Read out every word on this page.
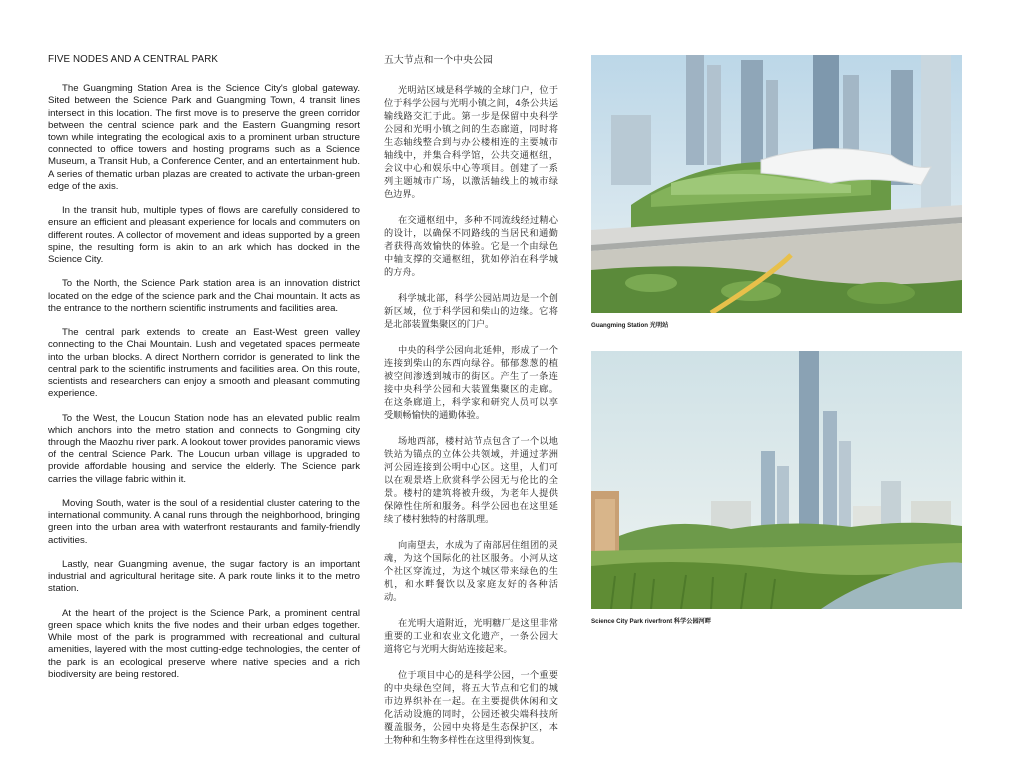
FIVE NODES AND A CENTRAL PARK

The Guangming Station Area is the Science City's global gateway. Sited between the Science Park and Guangming Town, 4 transit lines intersect in this location. The first move is to preserve the green corridor between the central science park and the Eastern Guangming resort town while integrating the ecological axis to a prominent urban structure connected to office towers and hosting programs such as a Science Museum, a Transit Hub, a Conference Center, and an entertainment hub. A series of thematic urban plazas are created to activate the urban-green edge of the axis.

In the transit hub, multiple types of flows are carefully considered to ensure an efficient and pleasant experience for locals and commuters on different routes. A collector of movement and ideas supported by a green spine, the resulting form is akin to an ark which has docked in the Science City.

To the North, the Science Park station area is an innovation district located on the edge of the science park and the Chai mountain. It acts as the entrance to the northern scientific instruments and facilities area.

The central park extends to create an East-West green valley connecting to the Chai Mountain. Lush and vegetated spaces permeate into the urban blocks. A direct Northern corridor is generated to link the central park to the scientific instruments and facilities area. On this route, scientists and researchers can enjoy a smooth and pleasant commuting experience.

To the West, the Loucun Station node has an elevated public realm which anchors into the metro station and connects to Gongming city through the Maozhu river park. A lookout tower provides panoramic views of the central Science Park. The Loucun urban village is upgraded to provide affordable housing and service the elderly. The Science park carries the village fabric within it.

Moving South, water is the soul of a residential cluster catering to the international community. A canal runs through the neighborhood, bringing green into the urban area with waterfront restaurants and family-friendly activities.

Lastly, near Guangming avenue, the sugar factory is an important industrial and agricultural heritage site. A park route links it to the metro station.

At the heart of the project is the Science Park, a prominent central green space which knits the five nodes and their urban edges together. While most of the park is programmed with recreational and cultural amenities, layered with the most cutting-edge technologies, the center of the park is an ecological preserve where native species and a rich biodiversity are being restored.

五大节点和一个中央公园

光明站区域是科学城的全球门户，位于位于科学公园与光明小镇之间，4条公共运输线路交汇于此。第一步是保留中央科学公园和光明小镇之间的生态廊道，同时将生态轴线整合到与办公楼相连的主要城市轴线中，并集合科学馆，公共交通枢纽，会议中心和娱乐中心等项目。创建了一系列主题城市广场，以激活轴线上的城市绿色边界。

在交通枢纽中，多种不同流线经过精心的设计，以确保不同路线的当居民和通勤者获得高效愉快的体验。它是一个由绿色中轴支撑的交通枢纽，犹如停泊在科学城的方舟。

科学城北部，科学公园站周边是一个创新区域，位于科学园和柴山的边缘。它将是北部装置集聚区的门户。

中央的科学公园向北延伸，形成了一个连接到柴山的东西向绿谷。郁郁葱葱的植被空间渗透到城市的街区。产生了一条连接中央科学公园和大装置集聚区的走廊。在这条廊道上，科学家和研究人员可以享受顺畅愉快的通勤体验。

场地西部，楼村站节点包含了一个以地铁站为锚点的立体公共领域，并通过茅洲河公园连接到公明中心区。这里，人们可以在观景塔上欣赏科学公园无与伦比的全景。楼村的建筑将被升级，为老年人提供保障性住所和服务。科学公园也在这里延续了楼村独特的村落肌理。

向南望去，水成为了南部居住组团的灵魂，为这个国际化的社区服务。小河从这个社区穿流过，为这个城区带来绿色的生机，和水畔餐饮以及家庭友好的各种活动。

在光明大道附近，光明糖厂是这里非常重要的工业和农业文化遗产，一条公园大道将它与光明大街站连接起来。

位于项目中心的是科学公园，一个重要的中央绿色空间，将五大节点和它们的城市边界织补在一起。在主要提供休闲和文化活动设施的同时，公园还被尖端科技所覆盖服务，公园中央将是生态保护区，本土物种和生物多样性在这里得到恢复。

Guangming Station 光明站
Science City Park riverfront 科学公园河畔
